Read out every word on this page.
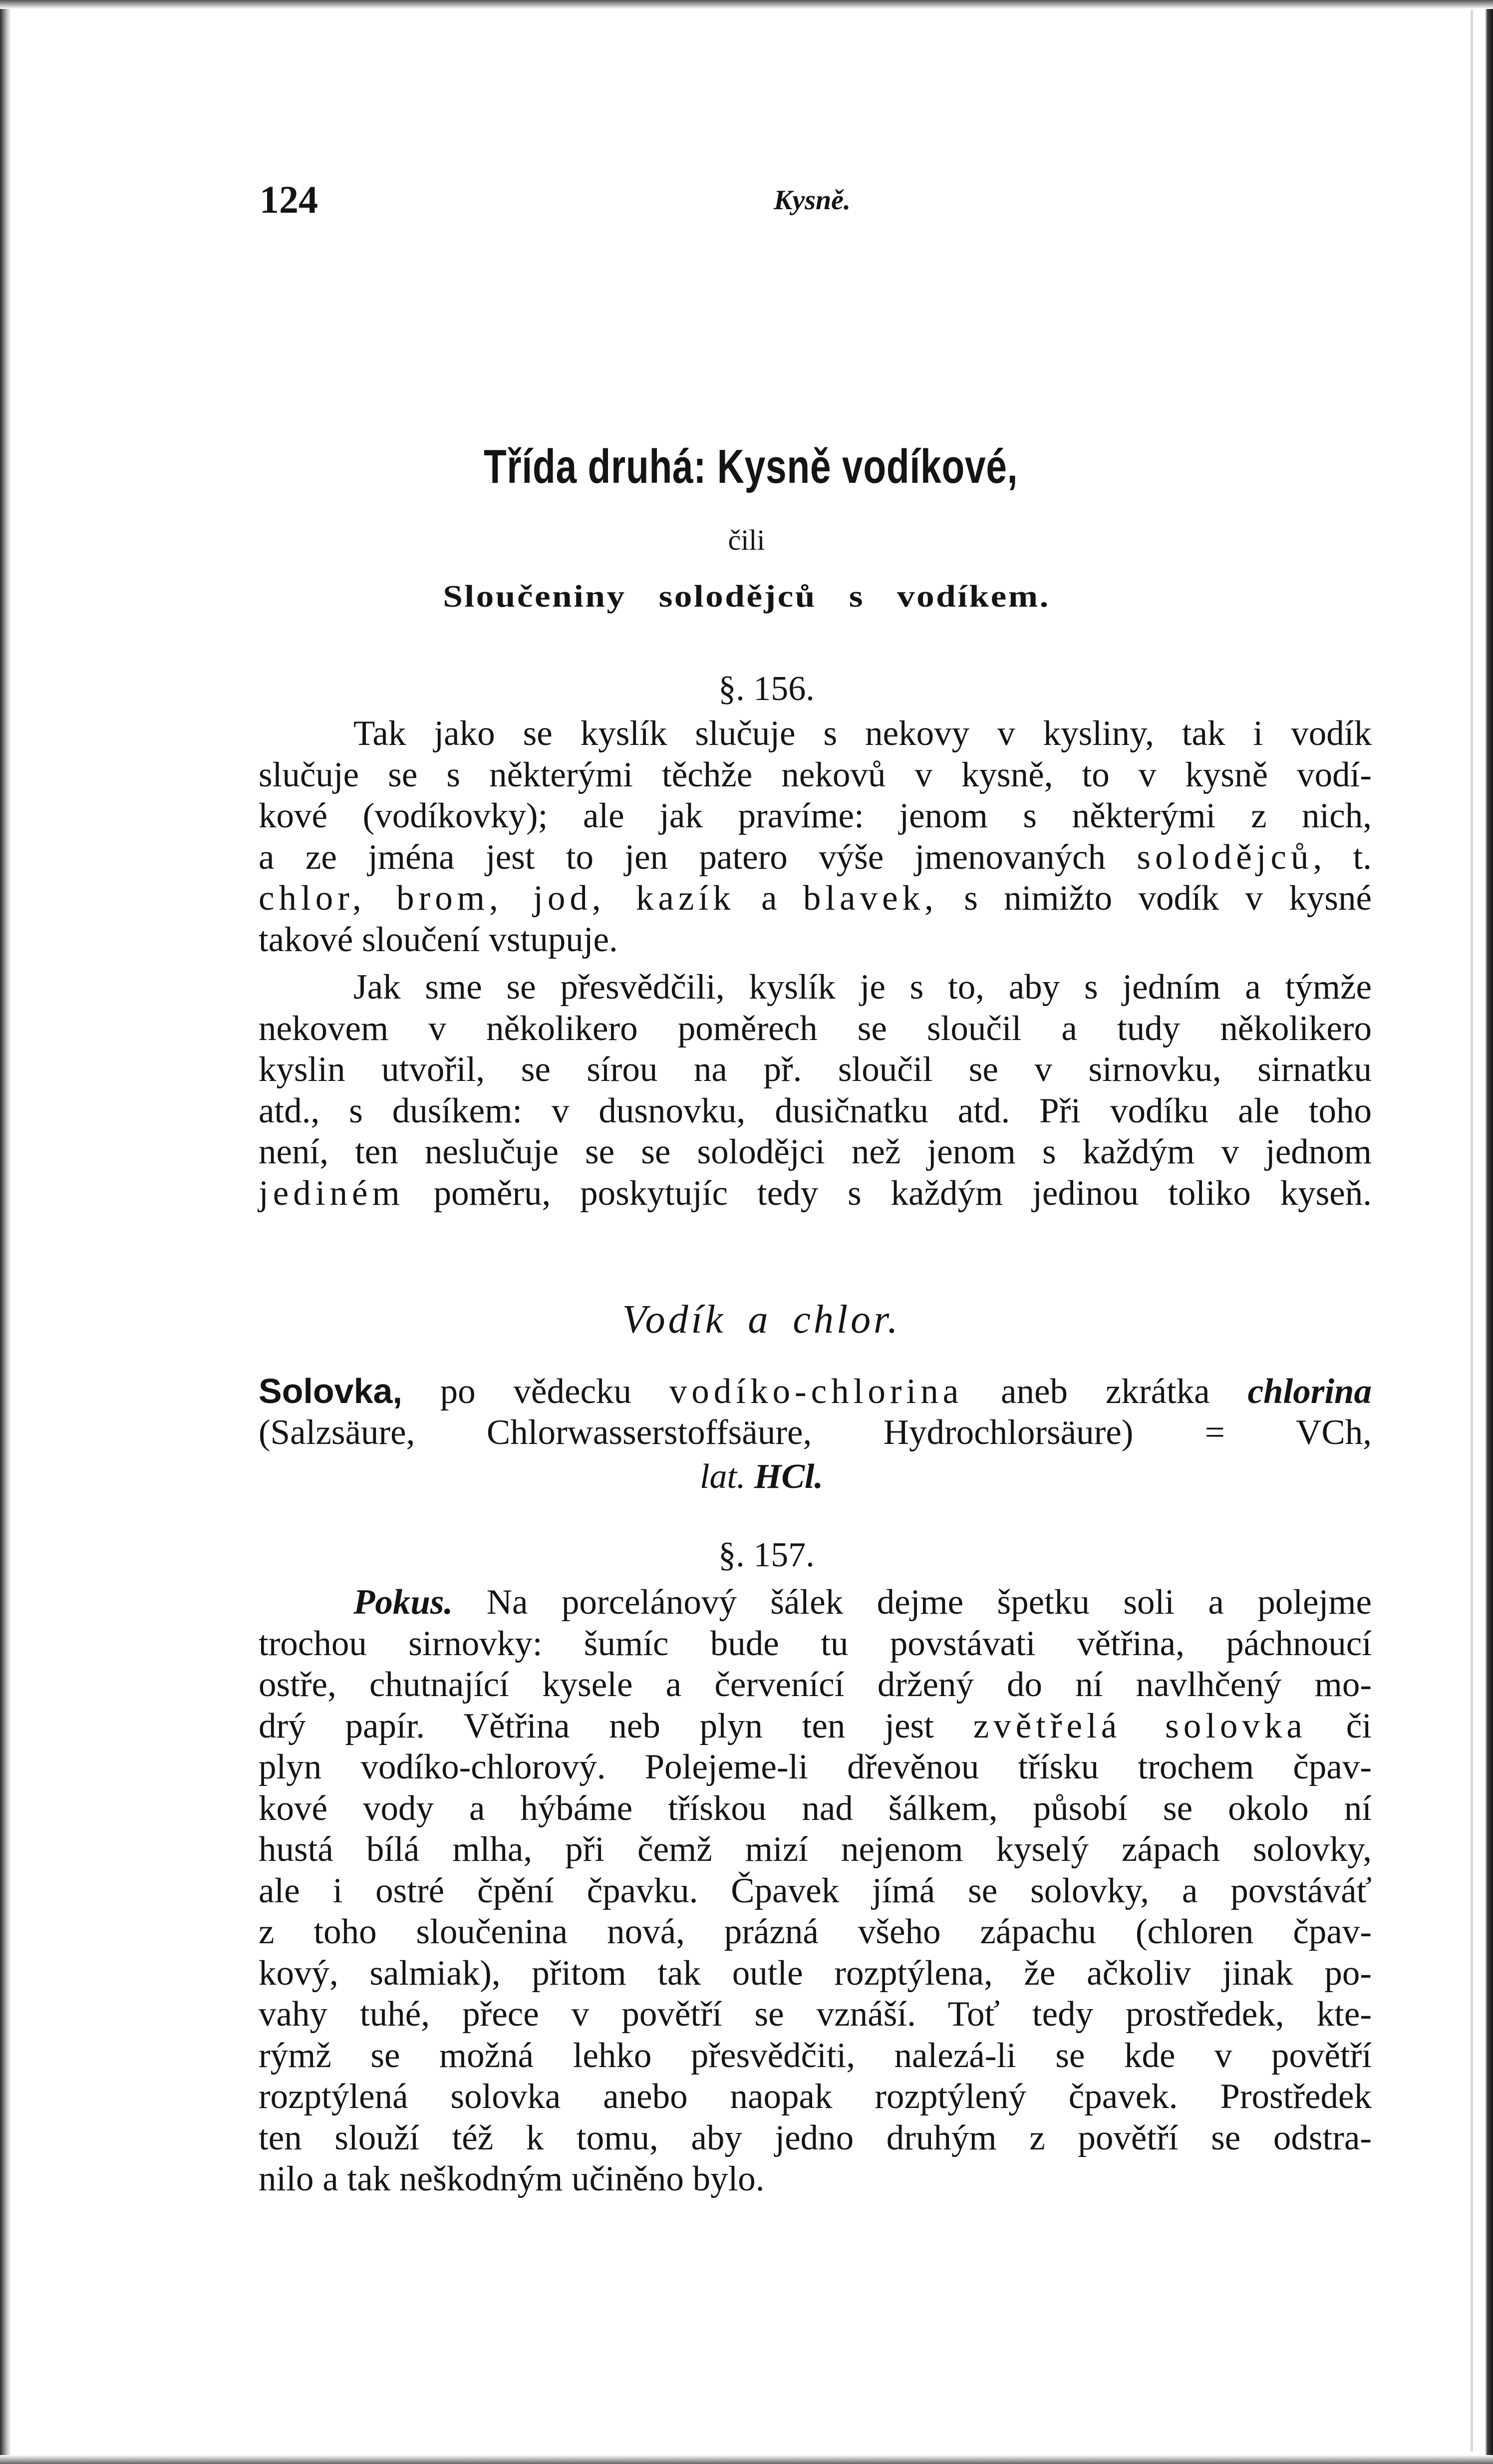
124	Kysně.
Třída druhá: Kysně vodíkové,
čili
Sloučeniny solodějců s vodíkem.
§. 156.
Tak jako se kyslík slučuje s nekovy v kysliny, tak i vodík
slučuje se s některými těchže nekovů v kysně, to v kysně vodí-
kové (vodíkovky); ale jak pravíme: jenom s některými z nich,
a ze jména jest to jen patero výše jmenovaných solodějců, t.
chlor, brom, jod, kazík a blavek, s nimižto vodík v kysné
takové sloučení vstupuje.
Jak sme se přesvědčili, kyslík je s to, aby s jedním a týmže
nekovem v několikero poměrech se sloučil a tudy několikero
kyslin utvořil, se sírou na př. sloučil se v sirnovku, sirnatku
atd., s dusíkem: v dusnovku, dusičnatku atd. Při vodíku ale toho
není, ten neslučuje se se solodějci než jenom s každým v jednom
jediném poměru, poskytujíc tedy s každým jedinou toliko kyseň.
Vodík a chlor.
Solovka, po vědecku vodíko-chlorina aneb zkrátka chlorina
(Salzsäure, Chlorwasserstoffsäure, Hydrochlorsäure) = VCh,
lat. HCl.
§. 157.
Pokus. Na porcelánový šálek dejme špetku soli a polejme
trochou sirnovky: šumíc bude tu povstávati větřina, páchnoucí
ostře, chutnající kysele a červenící držený do ní navlhčený mo-
drý papír. Větřina neb plyn ten jest zvětřelá solovka či
plyn vodíko-chlorový. Polejeme-li dřevěnou třísku trochem čpav-
kové vody a hýbáme třískou nad šálkem, působí se okolo ní
hustá bílá mlha, při čemž mizí nejenom kyselý zápach solovky,
ale i ostré čpění čpavku. Čpavek jímá se solovky, a povstáváť
z toho sloučenina nová, prázná všeho zápachu (chloren čpav-
kový, salmiak), přitom tak outle rozptýlena, že ačkoliv jinak po-
vahy tuhé, přece v povětří se vznáší. Toť tedy prostředek, kte-
rýmž se možná lehko přesvědčiti, nalezá-li se kde v povětří
rozptýlená solovka anebo naopak rozptýlený čpavek. Prostředek
ten slouží též k tomu, aby jedno druhým z povětří se odstra-
nilo a tak neškodným učiněno bylo.
